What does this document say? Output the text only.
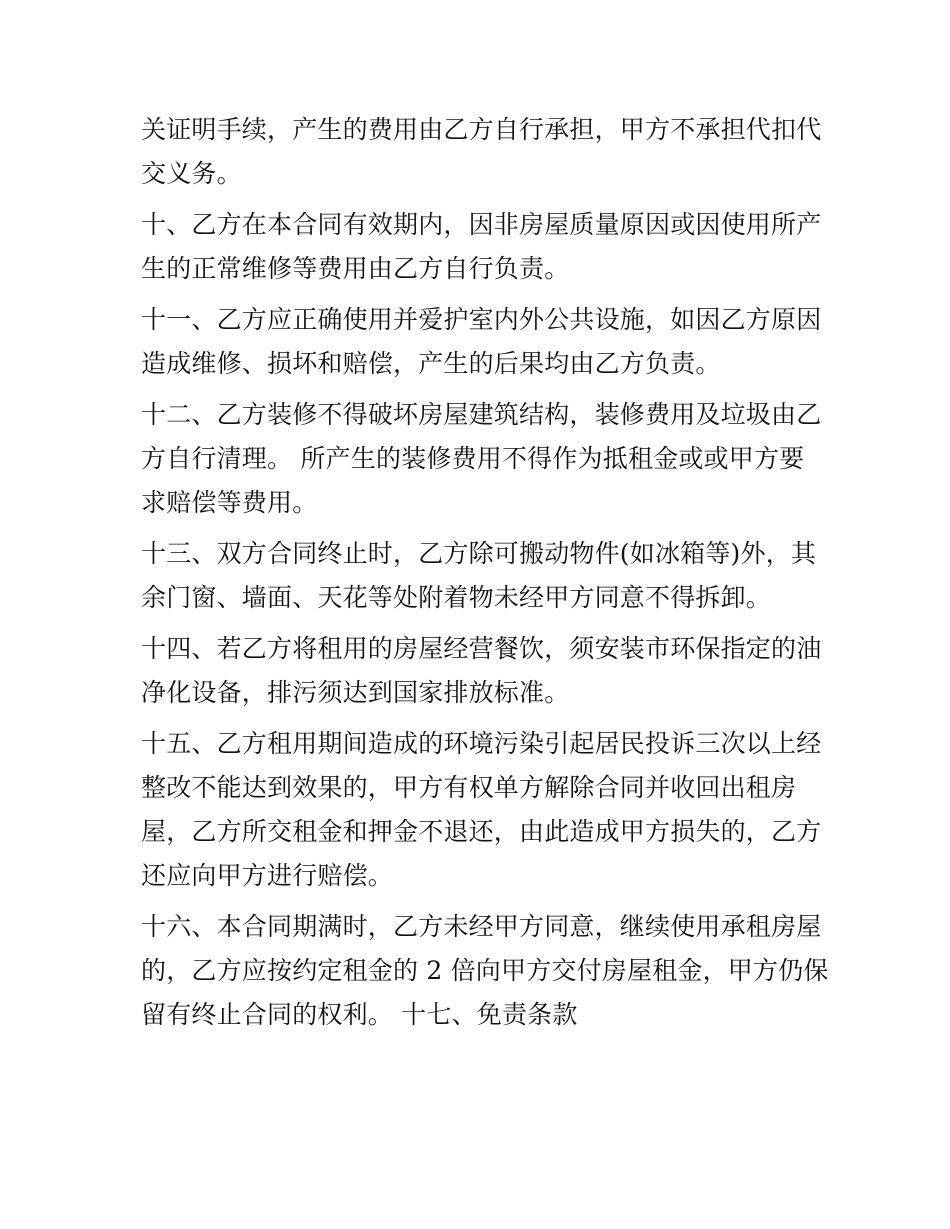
关证明手续，产生的费用由乙方自行承担，甲方不承担代扣代
交义务。
十、乙方在本合同有效期内，因非房屋质量原因或因使用所产
生的正常维修等费用由乙方自行负责。
十一、乙方应正确使用并爱护室内外公共设施，如因乙方原因
造成维修、损坏和赔偿，产生的后果均由乙方负责。
十二、乙方装修不得破坏房屋建筑结构，装修费用及垃圾由乙
方自行清理。 所产生的装修费用不得作为抵租金或或甲方要
求赔偿等费用。
十三、双方合同终止时，乙方除可搬动物件(如冰箱等)外，其
余门窗、墙面、天花等处附着物未经甲方同意不得拆卸。
十四、若乙方将租用的房屋经营餐饮，须安装市环保指定的油
净化设备，排污须达到国家排放标准。
十五、乙方租用期间造成的环境污染引起居民投诉三次以上经
整改不能达到效果的，甲方有权单方解除合同并收回出租房
屋，乙方所交租金和押金不退还，由此造成甲方损失的，乙方
还应向甲方进行赔偿。
十六、本合同期满时，乙方未经甲方同意，继续使用承租房屋
的，乙方应按约定租金的 2 倍向甲方交付房屋租金，甲方仍保
留有终止合同的权利。 十七、免责条款
